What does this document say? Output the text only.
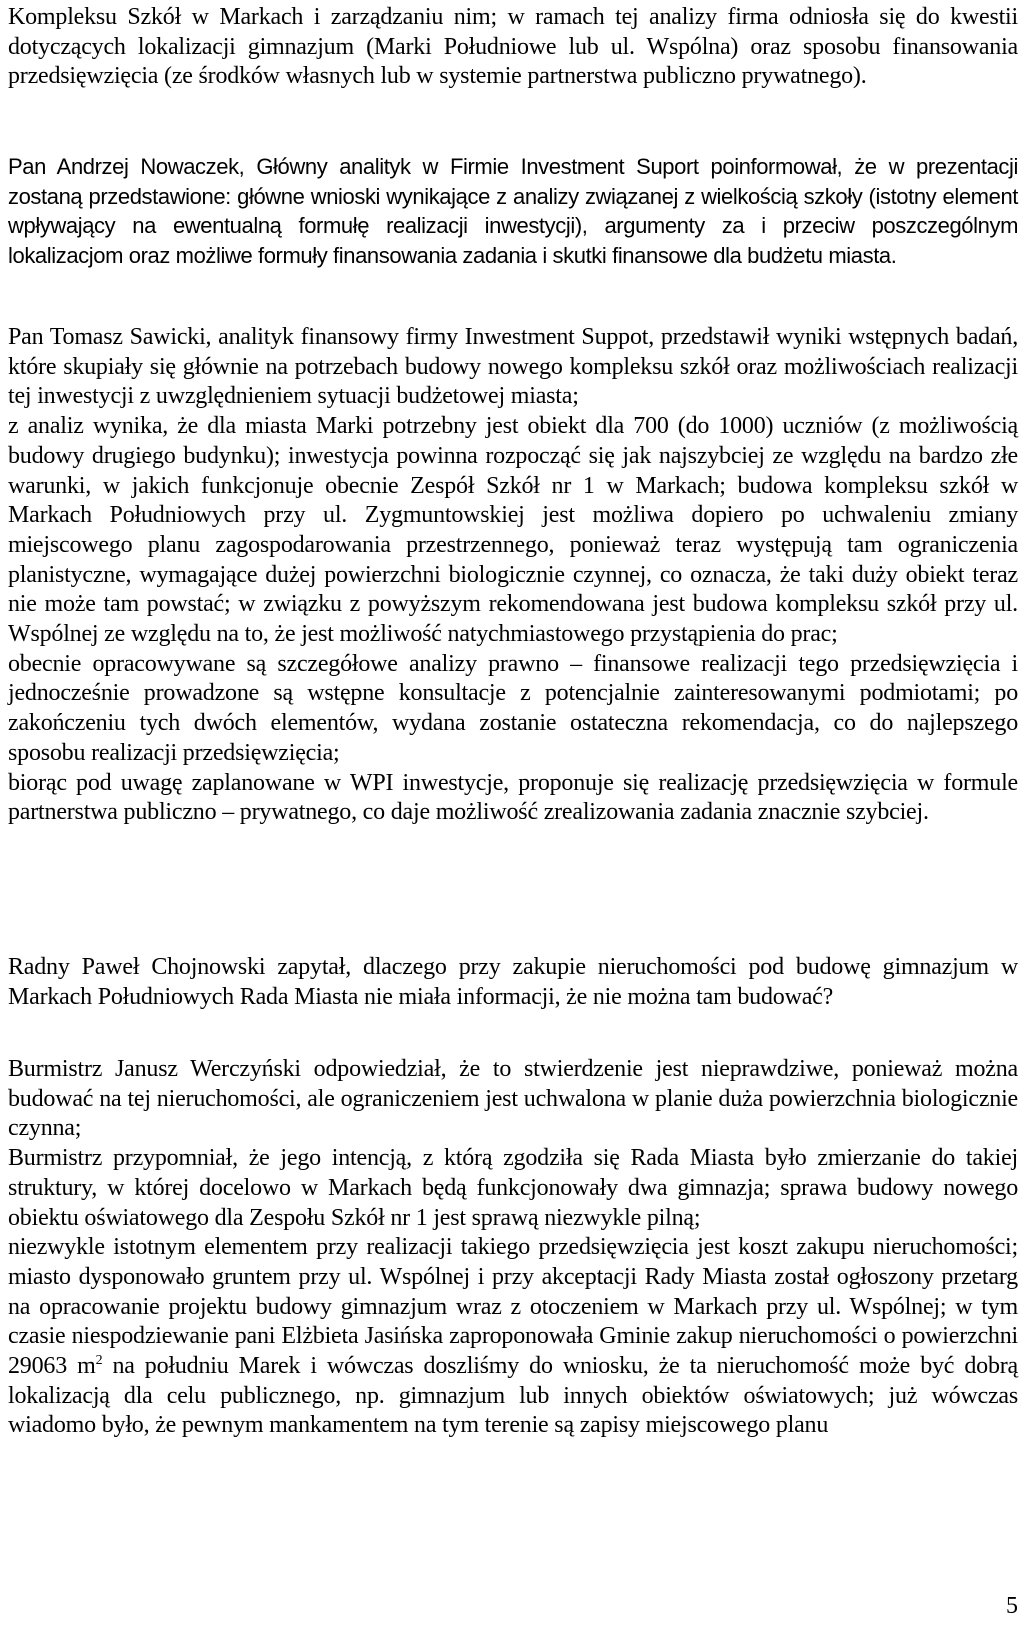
Kompleksu Szkół w Markach i zarządzaniu nim; w ramach tej analizy firma odniosła się do kwestii dotyczących lokalizacji gimnazjum (Marki Południowe lub ul. Wspólna) oraz sposobu finansowania przedsięwzięcia (ze środków własnych lub w systemie partnerstwa publiczno prywatnego).

Pan Andrzej Nowaczek, Główny analityk w Firmie Investment Suport poinformował, że w prezentacji zostaną przedstawione: główne wnioski wynikające z analizy związanej z wielkością szkoły (istotny element wpływający na ewentualną formułę realizacji inwestycji), argumenty za i przeciw poszczególnym lokalizacjom oraz możliwe formuły finansowania zadania i skutki finansowe dla budżetu miasta.

Pan Tomasz Sawicki, analityk finansowy firmy Inwestment Suppot, przedstawił wyniki wstępnych badań, które skupiały się głównie na potrzebach budowy nowego kompleksu szkół oraz możliwościach realizacji tej inwestycji z uwzględnieniem sytuacji budżetowej miasta;

z analiz wynika, że dla miasta Marki potrzebny jest obiekt dla 700 (do 1000) uczniów (z możliwością budowy drugiego budynku); inwestycja powinna rozpocząć się jak najszybciej ze względu na bardzo złe warunki, w jakich funkcjonuje obecnie Zespół Szkół nr 1 w Markach; budowa kompleksu szkół w Markach Południowych przy ul. Zygmuntowskiej jest możliwa dopiero po uchwaleniu zmiany miejscowego planu zagospodarowania przestrzennego, ponieważ teraz występują tam ograniczenia planistyczne, wymagające dużej powierzchni biologicznie czynnej, co oznacza, że taki duży obiekt teraz nie może tam powstać; w związku z powyższym rekomendowana jest budowa kompleksu szkół przy ul. Wspólnej ze względu na to, że jest możliwość natychmiastowego przystąpienia do prac;

obecnie opracowywane są szczegółowe analizy prawno – finansowe realizacji tego przedsięwzięcia i jednocześnie prowadzone są wstępne konsultacje z potencjalnie zainteresowanymi podmiotami; po zakończeniu tych dwóch elementów, wydana zostanie ostateczna rekomendacja, co do najlepszego sposobu realizacji przedsięwzięcia;

biorąc pod uwagę zaplanowane w WPI inwestycje, proponuje się realizację przedsięwzięcia w formule partnerstwa publiczno – prywatnego, co daje możliwość zrealizowania zadania znacznie szybciej.

Radny Paweł Chojnowski zapytał, dlaczego przy zakupie nieruchomości pod budowę gimnazjum w Markach Południowych Rada Miasta nie miała informacji, że nie można tam budować?

Burmistrz Janusz Werczyński odpowiedział, że to stwierdzenie jest nieprawdziwe, ponieważ można budować na tej nieruchomości, ale ograniczeniem jest uchwalona w planie duża powierzchnia biologicznie czynna;

Burmistrz przypomniał, że jego intencją, z którą zgodziła się Rada Miasta było zmierzanie do takiej struktury, w której docelowo w Markach będą funkcjonowały dwa gimnazja; sprawa budowy nowego obiektu oświatowego dla Zespołu Szkół nr 1 jest sprawą niezwykle pilną;

niezwykle istotnym elementem przy realizacji takiego przedsięwzięcia jest koszt zakupu nieruchomości; miasto dysponowało gruntem przy ul. Wspólnej i przy akceptacji Rady Miasta został ogłoszony przetarg na opracowanie projektu budowy gimnazjum wraz z otoczeniem w Markach przy ul. Wspólnej; w tym czasie niespodziewanie pani Elżbieta Jasińska zaproponowała Gminie zakup nieruchomości o powierzchni 29063 $m^2$ na południu Marek i wówczas doszliśmy do wniosku, że ta nieruchomość może być dobrą lokalizacją dla celu publicznego, np. gimnazjum lub innych obiektów oświatowych; już wówczas wiadomo było, że pewnym mankamentem na tym terenie są zapisy miejscowego planu

5
